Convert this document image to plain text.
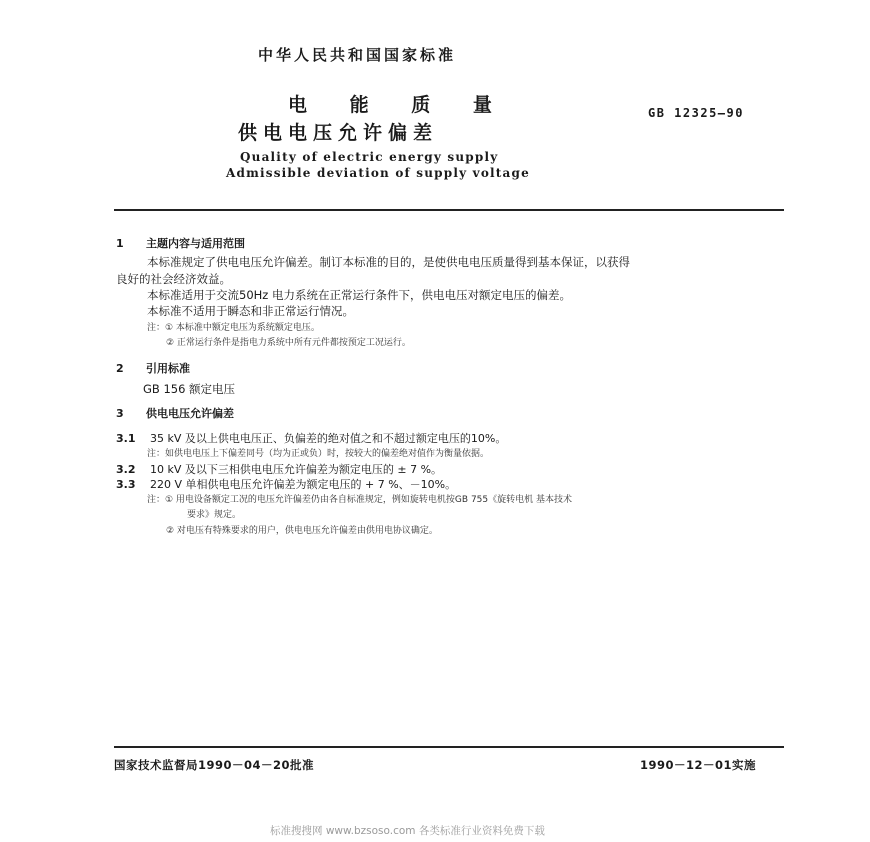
中华人民共和国国家标准
电 能 质 量
供电电压允许偏差
GB 12325—90
Quality of electric energy supply
Admissible deviation of supply voltage
1 主题内容与适用范围
本标准规定了供电电压允许偏差。制订本标准的目的，是使供电电压质量得到基本保证，以获得
良好的社会经济效益。
本标准适用于交流50Hz 电力系统在正常运行条件下，供电电压对额定电压的偏差。
本标准不适用于瞬态和非正常运行情况。
注：① 本标准中额定电压为系统额定电压。
② 正常运行条件是指电力系统中所有元件都按预定工况运行。
2 引用标准
GB 156 额定电压
3 供电电压允许偏差
3.1 35 kV 及以上供电电压正、负偏差的绝对值之和不超过额定电压的10%。
注：如供电电压上下偏差同号（均为正或负）时，按较大的偏差绝对值作为衡量依据。
3.2 10 kV 及以下三相供电电压允许偏差为额定电压的 ± 7 %。
3.3 220 V 单相供电电压允许偏差为额定电压的 + 7 %、－10%。
注：① 用电设备额定工况的电压允许偏差仍由各自标准规定，例如旋转电机按GB 755《旋转电机 基本技术
要求》规定。
② 对电压有特殊要求的用户，供电电压允许偏差由供用电协议确定。
国家技术监督局1990－04－20批准	1990－12－01实施
标准搜搜网 www.bzsoso.com 各类标准行业资料免费下载
